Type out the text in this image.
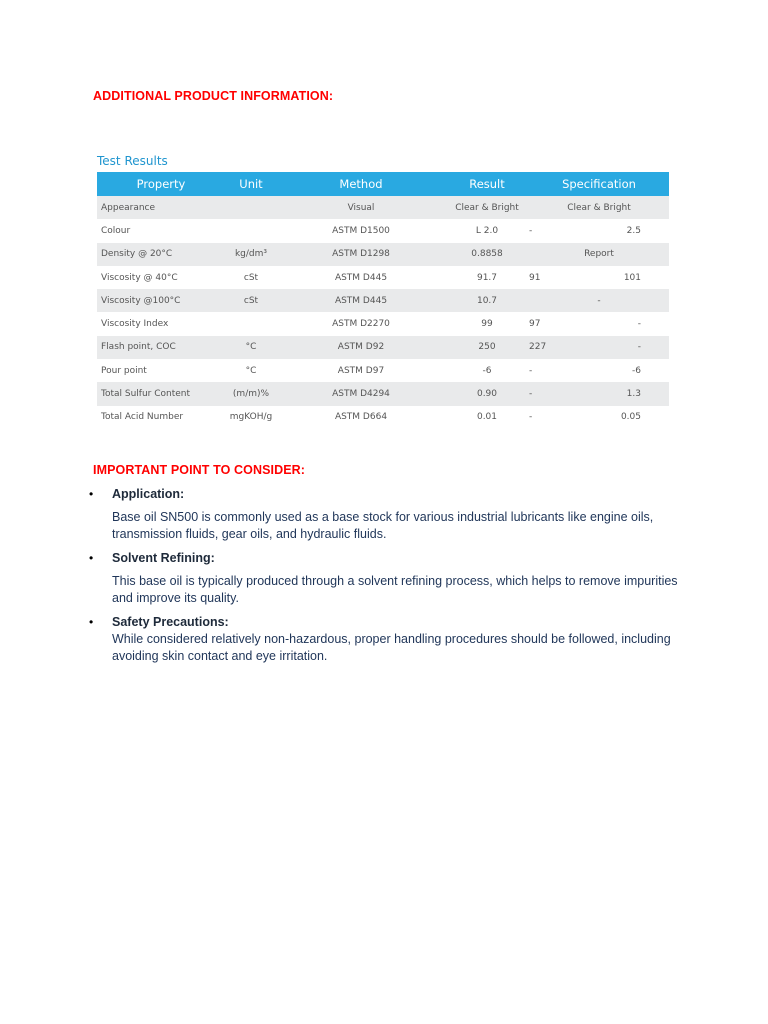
ADDITIONAL PRODUCT INFORMATION:
Test Results
Property	Unit	Method	Result	Specification
Appearance		Visual	Clear & Bright	Clear & Bright
Colour		ASTM D1500	L 2.0	- 2.5

Density @ 20°C	kg/dm³	ASTM D1298	0.8858	Report
Viscosity @ 40°C	cSt	ASTM D445	91.7	91 101

Viscosity @100°C	cSt	ASTM D445	10.7	-
Viscosity Index		ASTM D2270	99	97 -

Flash point, COC	°C	ASTM D92	250	227 -

Pour point	°C	ASTM D97	-6	- -6

Total Sulfur Content	(m/m)%	ASTM D4294	0.90	- 1.3

Total Acid Number	mgKOH/g	ASTM D664	0.01	- 0.05
IMPORTANT POINT TO CONSIDER:
• Application:
Base oil SN500 is commonly used as a base stock for various industrial lubricants like engine oils, transmission fluids, gear oils, and hydraulic fluids.
• Solvent Refining:
This base oil is typically produced through a solvent refining process, which helps to remove impurities and improve its quality.
• Safety Precautions:
While considered relatively non-hazardous, proper handling procedures should be followed, including avoiding skin contact and eye irritation.
